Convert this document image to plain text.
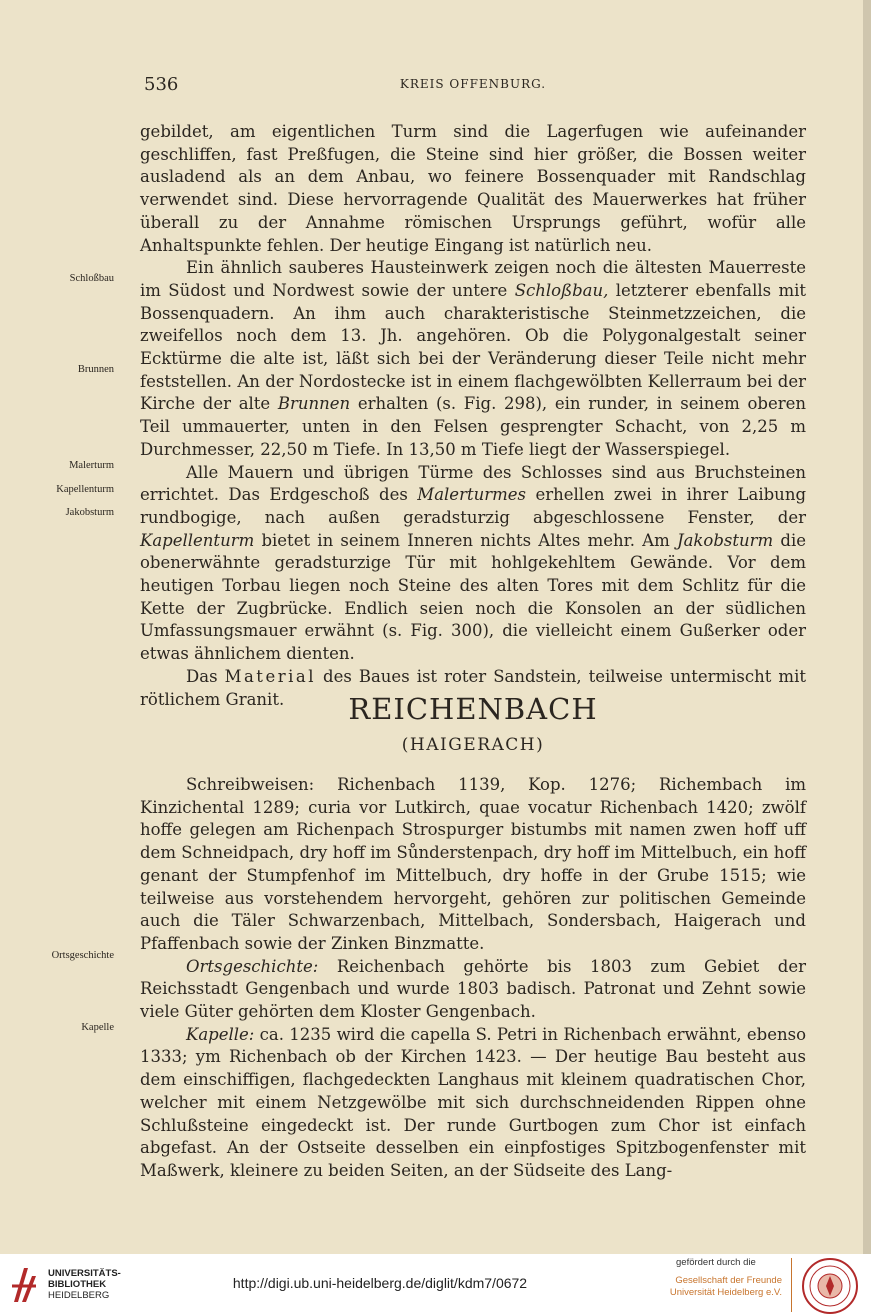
536	KREIS OFFENBURG.

gebildet, am eigentlichen Turm sind die Lagerfugen wie aufeinander geschliffen, fast Preßfugen, die Steine sind hier größer, die Bossen weiter ausladend als an dem Anbau, wo feinere Bossenquader mit Randschlag verwendet sind. Diese hervorragende Qualität des Mauerwerkes hat früher überall zu der Annahme römischen Ursprungs geführt, wofür alle Anhaltspunkte fehlen. Der heutige Eingang ist natürlich neu.

Ein ähnlich sauberes Hausteinwerk zeigen noch die ältesten Mauerreste im Südost und Nordwest sowie der untere Schloßbau, letzterer ebenfalls mit Bossenquadern. An ihm auch charakteristische Steinmetzzeichen, die zweifellos noch dem 13. Jh. angehören. Ob die Polygonalgestalt seiner Ecktürme die alte ist, läßt sich bei der Veränderung dieser Teile nicht mehr feststellen. An der Nordostecke ist in einem flachgewölbten Kellerraum bei der Kirche der alte Brunnen erhalten (s. Fig. 298), ein runder, in seinem oberen Teil ummauerter, unten in den Felsen gesprengter Schacht, von 2,25 m Durchmesser, 22,50 m Tiefe. In 13,50 m Tiefe liegt der Wasserspiegel.

Alle Mauern und übrigen Türme des Schlosses sind aus Bruchsteinen errichtet. Das Erdgeschoß des Malerturmes erhellen zwei in ihrer Laibung rundbogige, nach außen geradsturzig abgeschlossene Fenster, der Kapellenturm bietet in seinem Inneren nichts Altes mehr. Am Jakobsturm die obenerwähnte geradsturzige Tür mit hohlgekehltem Gewände. Vor dem heutigen Torbau liegen noch Steine des alten Tores mit dem Schlitz für die Kette der Zugbrücke. Endlich seien noch die Konsolen an der südlichen Umfassungsmauer erwähnt (s. Fig. 300), die vielleicht einem Gußerker oder etwas ähnlichem dienten.

Das Material des Baues ist roter Sandstein, teilweise untermischt mit rötlichem Granit.	REICHENBACH
(HAIGERACH)

Schreibweisen: Richenbach 1139, Kop. 1276; Richembach im Kinzichental 1289; curia vor Lutkirch, quae vocatur Richenbach 1420; zwölf hoffe gelegen am Richenpach Strospurger bistumbs mit namen zwen hoff uff dem Schneidpach, dry hoff im Sůnderstenpach, dry hoff im Mittelbuch, ein hoff genant der Stumpfenhof im Mittelbuch, dry hoffe in der Grube 1515; wie teilweise aus vorstehendem hervorgeht, gehören zur politischen Gemeinde auch die Täler Schwarzenbach, Mittelbach, Sondersbach, Haigerach und Pfaffenbach sowie der Zinken Binzmatte.

Ortsgeschichte: Reichenbach gehörte bis 1803 zum Gebiet der Reichsstadt Gengenbach und wurde 1803 badisch. Patronat und Zehnt sowie viele Güter gehörten dem Kloster Gengenbach.

Kapelle: ca. 1235 wird die capella S. Petri in Richenbach erwähnt, ebenso 1333; ym Richenbach ob der Kirchen 1423. — Der heutige Bau besteht aus dem einschiffigen, flachgedeckten Langhaus mit kleinem quadratischen Chor, welcher mit einem Netzgewölbe mit sich durchschneidenden Rippen ohne Schlußsteine eingedeckt ist. Der runde Gurtbogen zum Chor ist einfach abgefast. An der Ostseite desselben ein einpfostiges Spitzbogenfenster mit Maßwerk, kleinere zu beiden Seiten, an der Südseite des Lang-

Schloßbau
Brunnen
Malerturm
Kapellenturm
Jakobsturm
Ortsgeschichte
Kapelle
UNIVERSITÄTS-
BIBLIOTHEK
HEIDELBERG
http://digi.ub.uni-heidelberg.de/diglit/kdm7/0672
gefördert durch die
Gesellschaft der Freunde
Universität Heidelberg e.V.
